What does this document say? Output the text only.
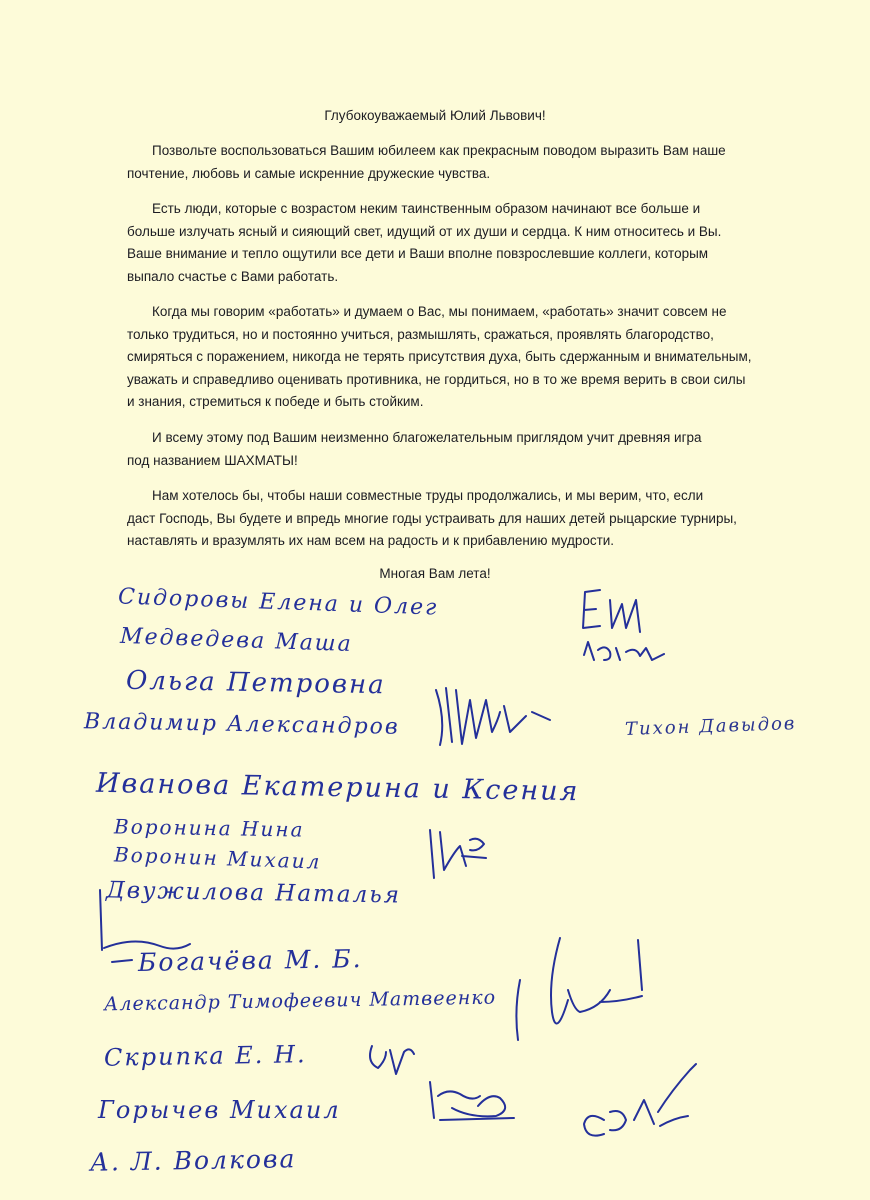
Глубокоуважаемый Юлий Львович!
Позвольте воспользоваться Вашим юбилеем как прекрасным поводом выразить Вам наше
почтение, любовь и самые искренние дружеские чувства.
Есть люди, которые с возрастом неким таинственным образом начинают все больше и
больше излучать ясный и сияющий свет, идущий от их души и сердца. К ним относитесь и Вы.
Ваше внимание и тепло ощутили все дети и Ваши вполне повзрослевшие коллеги, которым
выпало счастье с Вами работать.
Когда мы говорим «работать» и думаем о Вас, мы понимаем, «работать» значит совсем не
только трудиться, но и постоянно учиться, размышлять, сражаться, проявлять благородство,
смиряться с поражением, никогда не терять присутствия духа, быть сдержанным и внимательным,
уважать и справедливо оценивать противника, не гордиться, но в то же время верить в свои силы
и знания, стремиться к победе и быть стойким.
И всему этому под Вашим неизменно благожелательным приглядом учит древняя игра
под названием ШАХМАТЫ!
Нам хотелось бы, чтобы наши совместные труды продолжались, и мы верим, что, если
даст Господь, Вы будете и впредь многие годы устраивать для наших детей рыцарские турниры,
наставлять и вразумлять их нам всем на радость и к прибавлению мудрости.
Многая Вам лета!
Сидоровы Елена и Олег
Медведева Маша
Ольга Петровна
Владимир Александров	Тихон Давыдов
Иванова Екатерина и Ксения
Воронина Нина
Воронин Михаил
Двужилова Наталья
Богачёва М. Б.
Александр Тимофеевич Матвеенко
Скрипка Е. Н.
Горычев Михаил
А. Л. Волкова
